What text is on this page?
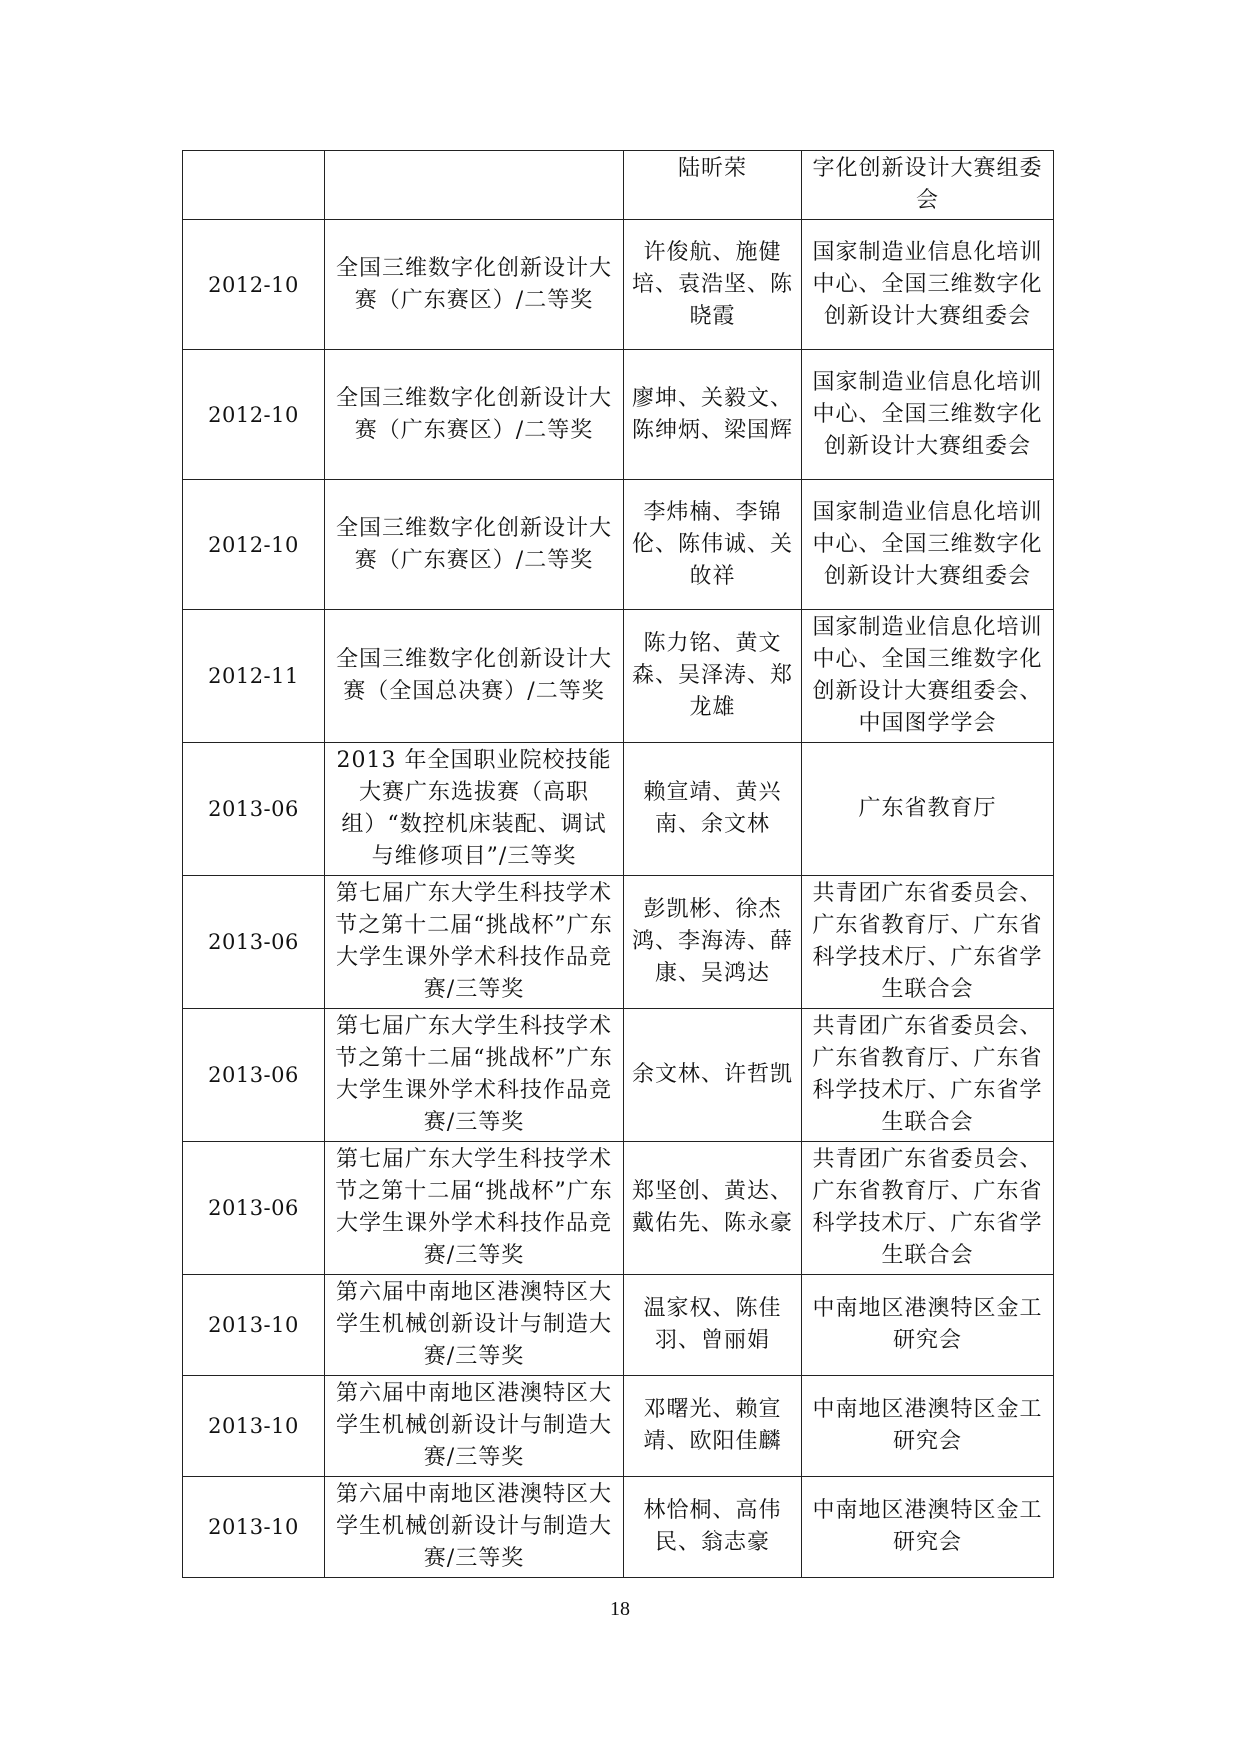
		陆昕荣	字化创新设计大赛组委会
2012-10	全国三维数字化创新设计大赛（广东赛区）/二等奖	许俊航、施健培、袁浩坚、陈晓霞	国家制造业信息化培训中心、全国三维数字化创新设计大赛组委会
2012-10	全国三维数字化创新设计大赛（广东赛区）/二等奖	廖坤、关毅文、陈绅炳、梁国辉	国家制造业信息化培训中心、全国三维数字化创新设计大赛组委会
2012-10	全国三维数字化创新设计大赛（广东赛区）/二等奖	李炜楠、李锦伦、陈伟诚、关敀祥	国家制造业信息化培训中心、全国三维数字化创新设计大赛组委会
2012-11	全国三维数字化创新设计大赛（全国总决赛）/二等奖	陈力铭、黄文森、吴泽涛、郑龙雄	国家制造业信息化培训中心、全国三维数字化创新设计大赛组委会、中国图学学会
2013-06	2013 年全国职业院校技能大赛广东选拔赛（高职组）“数控机床装配、调试与维修项目”/三等奖	赖宣靖、黄兴南、余文林	广东省教育厅
2013-06	第七届广东大学生科技学术节之第十二届“挑战杯”广东大学生课外学术科技作品竞赛/三等奖	彭凯彬、徐杰鸿、李海涛、薛康、吴鸿达	共青团广东省委员会、广东省教育厅、广东省科学技术厅、广东省学生联合会
2013-06	第七届广东大学生科技学术节之第十二届“挑战杯”广东大学生课外学术科技作品竞赛/三等奖	余文林、许哲凯	共青团广东省委员会、广东省教育厅、广东省科学技术厅、广东省学生联合会
2013-06	第七届广东大学生科技学术节之第十二届“挑战杯”广东大学生课外学术科技作品竞赛/三等奖	郑坚创、黄达、戴佑先、陈永豪	共青团广东省委员会、广东省教育厅、广东省科学技术厅、广东省学生联合会
2013-10	第六届中南地区港澳特区大学生机械创新设计与制造大赛/三等奖	温家权、陈佳羽、曾丽娟	中南地区港澳特区金工研究会
2013-10	第六届中南地区港澳特区大学生机械创新设计与制造大赛/三等奖	邓曙光、赖宣靖、欧阳佳麟	中南地区港澳特区金工研究会
2013-10	第六届中南地区港澳特区大学生机械创新设计与制造大赛/三等奖	林恰桐、高伟民、翁志豪	中南地区港澳特区金工研究会
18
